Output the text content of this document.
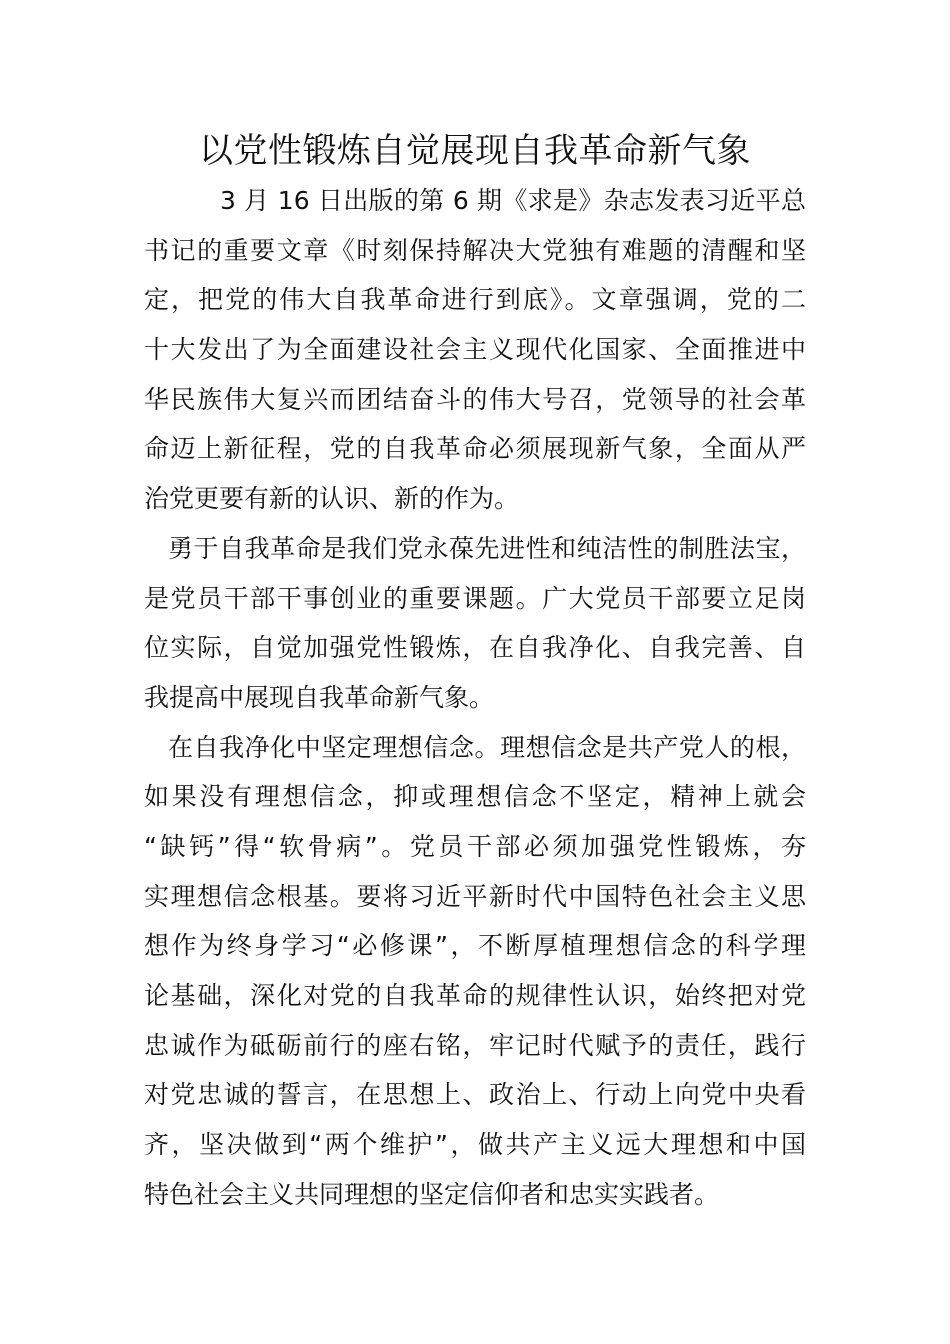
以党性锻炼自觉展现自我革命新气象
3 月 16 日出版的第 6 期《求是》杂志发表习近平总
书记的重要文章《时刻保持解决大党独有难题的清醒和坚
定，把党的伟大自我革命进行到底》。文章强调，党的二
十大发出了为全面建设社会主义现代化国家、全面推进中
华民族伟大复兴而团结奋斗的伟大号召，党领导的社会革
命迈上新征程，党的自我革命必须展现新气象，全面从严
治党更要有新的认识、新的作为。
勇于自我革命是我们党永葆先进性和纯洁性的制胜法宝，
是党员干部干事创业的重要课题。广大党员干部要立足岗
位实际，自觉加强党性锻炼，在自我净化、自我完善、自
我提高中展现自我革命新气象。
在自我净化中坚定理想信念。理想信念是共产党人的根，
如果没有理想信念，抑或理想信念不坚定，精神上就会
“缺钙”得“软骨病”。党员干部必须加强党性锻炼，夯
实理想信念根基。要将习近平新时代中国特色社会主义思
想作为终身学习“必修课”，不断厚植理想信念的科学理
论基础，深化对党的自我革命的规律性认识，始终把对党
忠诚作为砥砺前行的座右铭，牢记时代赋予的责任，践行
对党忠诚的誓言，在思想上、政治上、行动上向党中央看
齐，坚决做到“两个维护”，做共产主义远大理想和中国
特色社会主义共同理想的坚定信仰者和忠实实践者。
